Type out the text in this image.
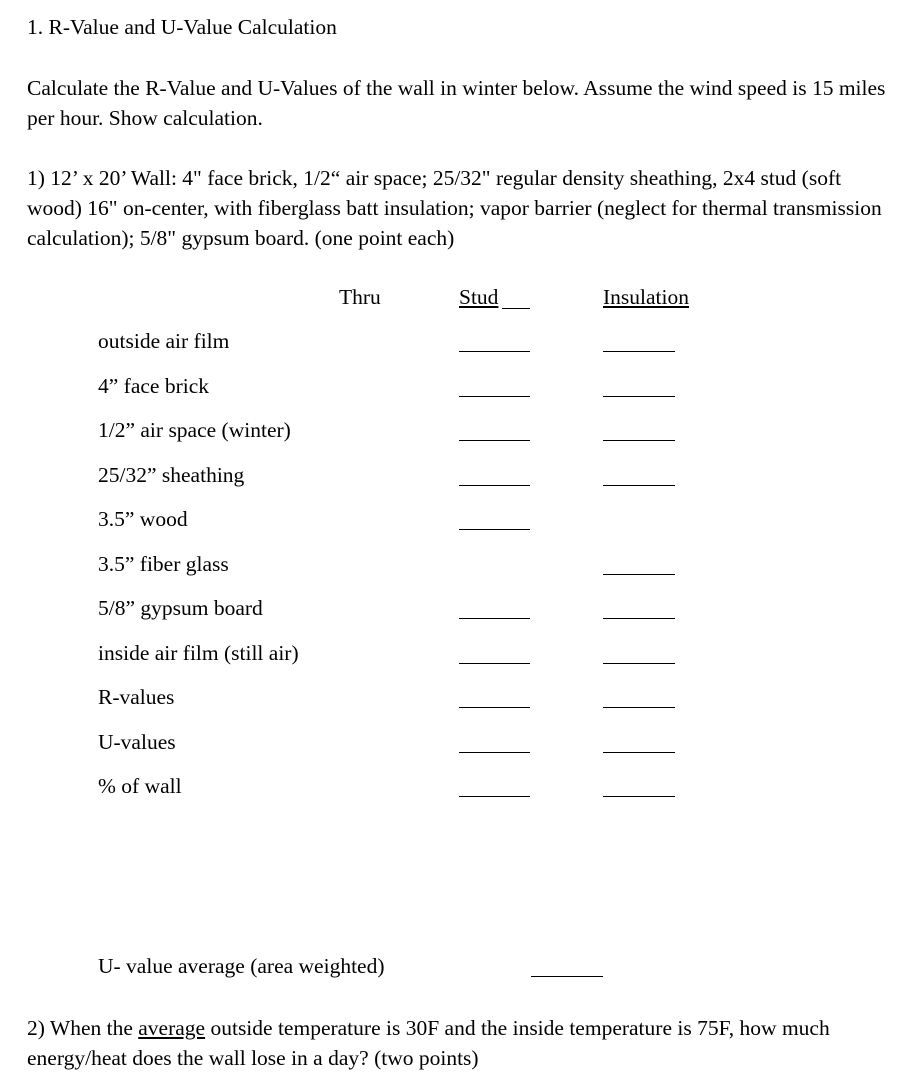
1. R-Value and U-Value Calculation
Calculate the R-Value and U-Values of the wall in winter below. Assume the wind speed is 15 miles per hour. Show calculation.
1) 12’ x 20’ Wall: 4" face brick, 1/2“ air space; 25/32" regular density sheathing, 2x4 stud (soft wood) 16" on-center, with fiberglass batt insulation; vapor barrier (neglect for thermal transmission calculation); 5/8" gypsum board. (one point each)
Thru	Stud	Insulation
outside air film
4” face brick
1/2” air space (winter)
25/32” sheathing
3.5” wood
3.5” fiber glass
5/8” gypsum board
inside air film (still air)
R-values
U-values
% of wall
U- value average (area weighted)
2) When the average outside temperature is 30F and the inside temperature is 75F, how much energy/heat does the wall lose in a day? (two points)
